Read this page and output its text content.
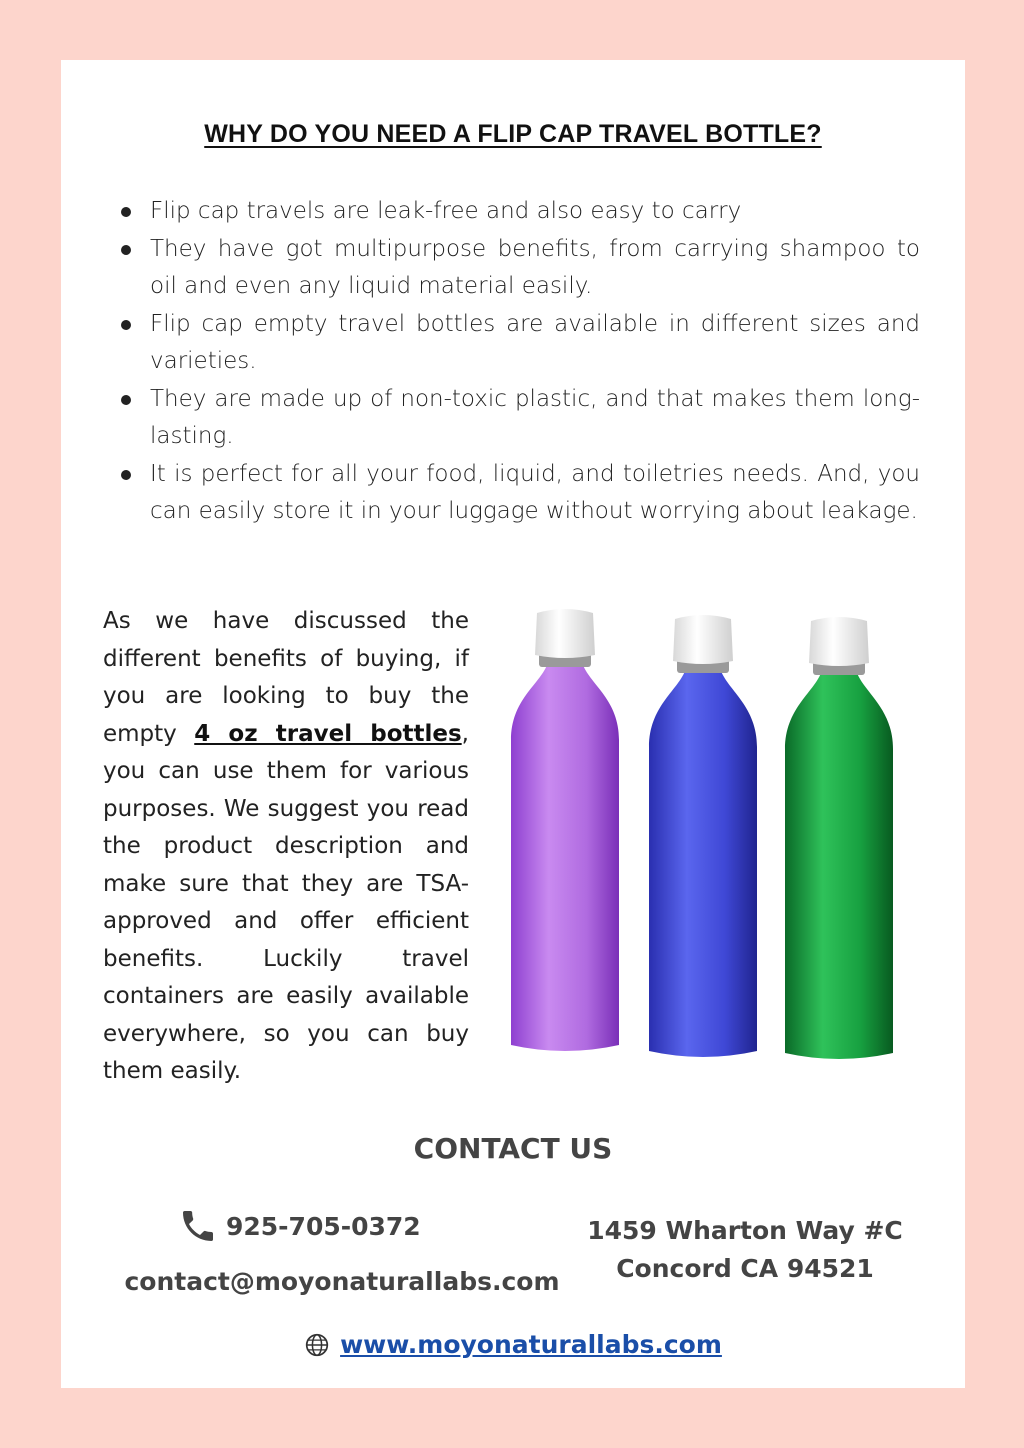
WHY DO YOU NEED A FLIP CAP TRAVEL BOTTLE?
Flip cap travels are leak-free and also easy to carry
They have got multipurpose benefits, from carrying shampoo to oil and even any liquid material easily.
Flip cap empty travel bottles are available in different sizes and varieties.
They are made up of non-toxic plastic, and that makes them long-lasting.
It is perfect for all your food, liquid, and toiletries needs. And, you can easily store it in your luggage without worrying about leakage.

As we have discussed the different benefits of buying, if you are looking to buy the empty 4 oz travel bottles, you can use them for various purposes. We suggest you read the product description and make sure that they are TSA-approved and offer efficient benefits. Luckily travel containers are easily available everywhere, so you can buy them easily.

CONTACT US
925-705-0372
contact@moyonaturallabs.com
1459 Wharton Way #C
Concord CA 94521
www.moyonaturallabs.com
